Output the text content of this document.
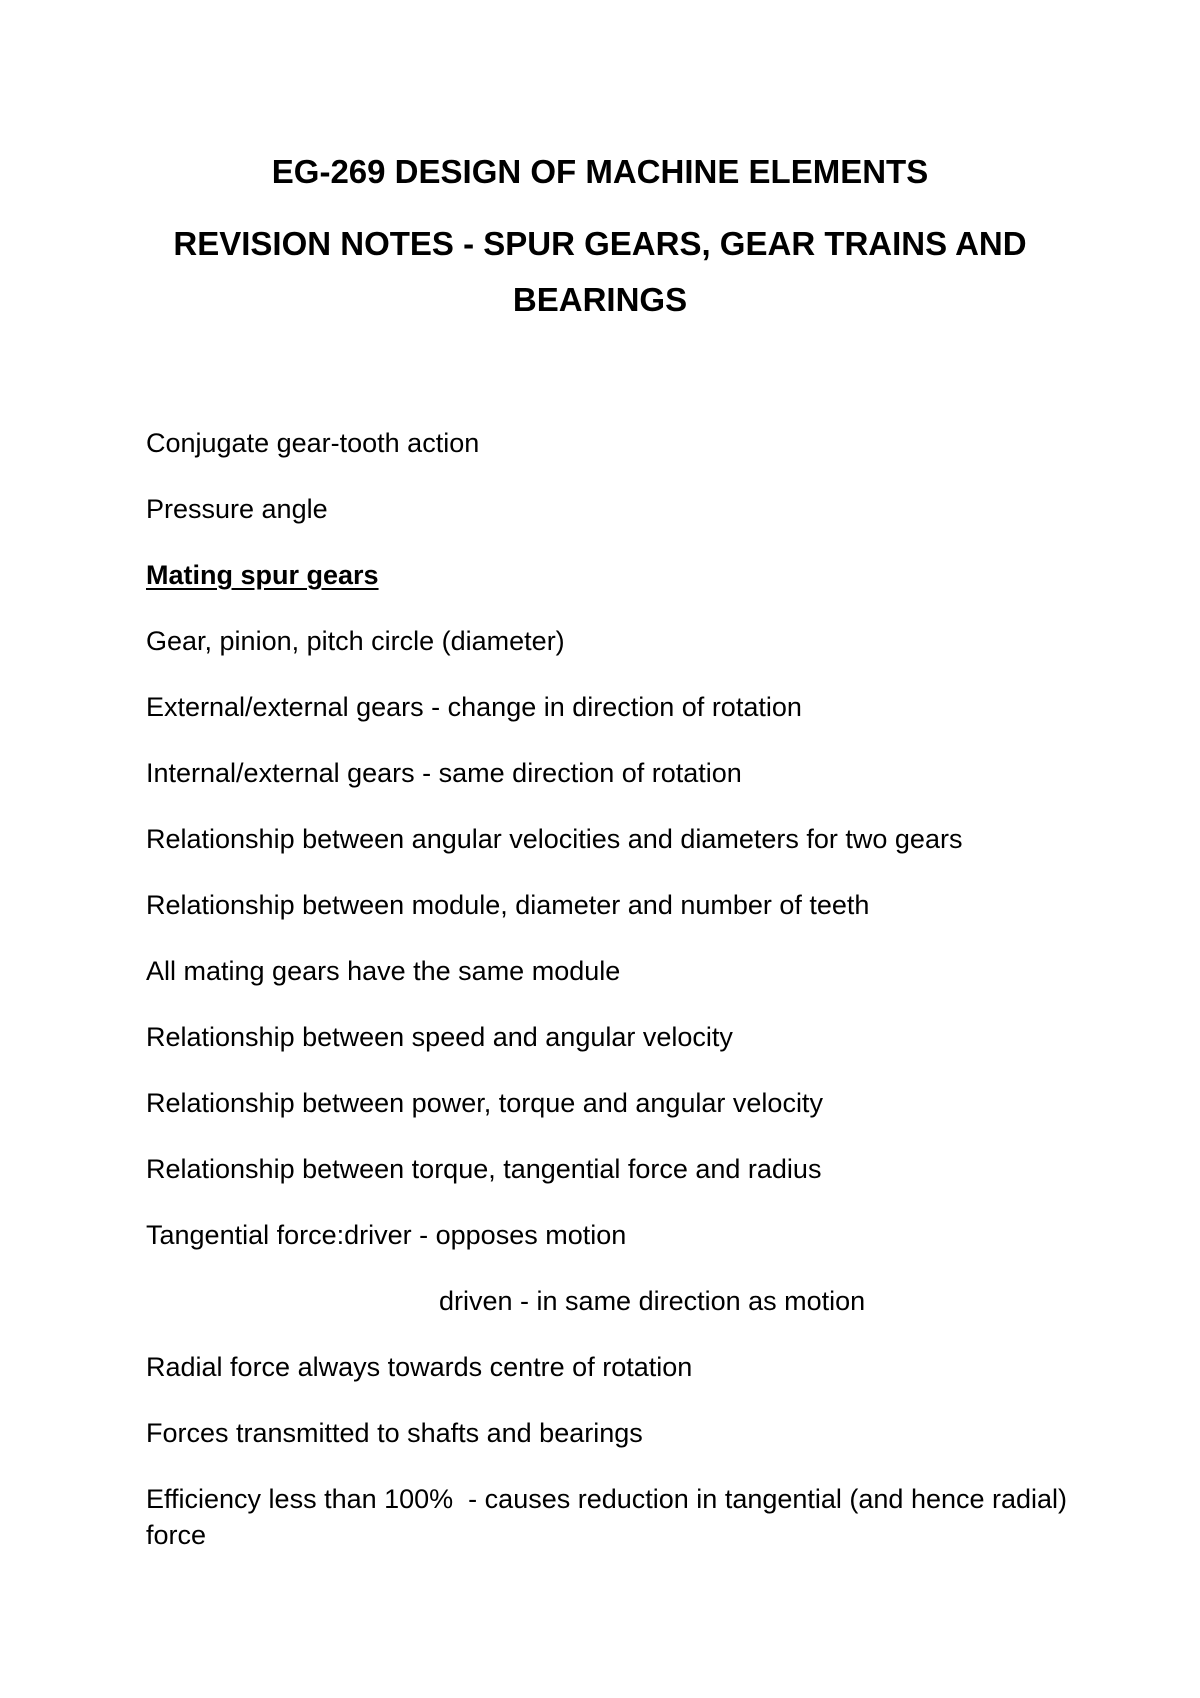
EG-269 DESIGN OF MACHINE ELEMENTS
REVISION NOTES - SPUR GEARS, GEAR TRAINS AND BEARINGS
Conjugate gear-tooth action
Pressure angle
Mating spur gears
Gear, pinion, pitch circle (diameter)
External/external gears - change in direction of rotation
Internal/external gears - same direction of rotation
Relationship between angular velocities and diameters for two gears
Relationship between module, diameter and number of teeth
All mating gears have the same module
Relationship between speed and angular velocity
Relationship between power, torque and angular velocity
Relationship between torque, tangential force and radius
Tangential force:driver - opposes motion
driven - in same direction as motion
Radial force always towards centre of rotation
Forces transmitted to shafts and bearings
Efficiency less than 100%  - causes reduction in tangential (and hence radial) force
